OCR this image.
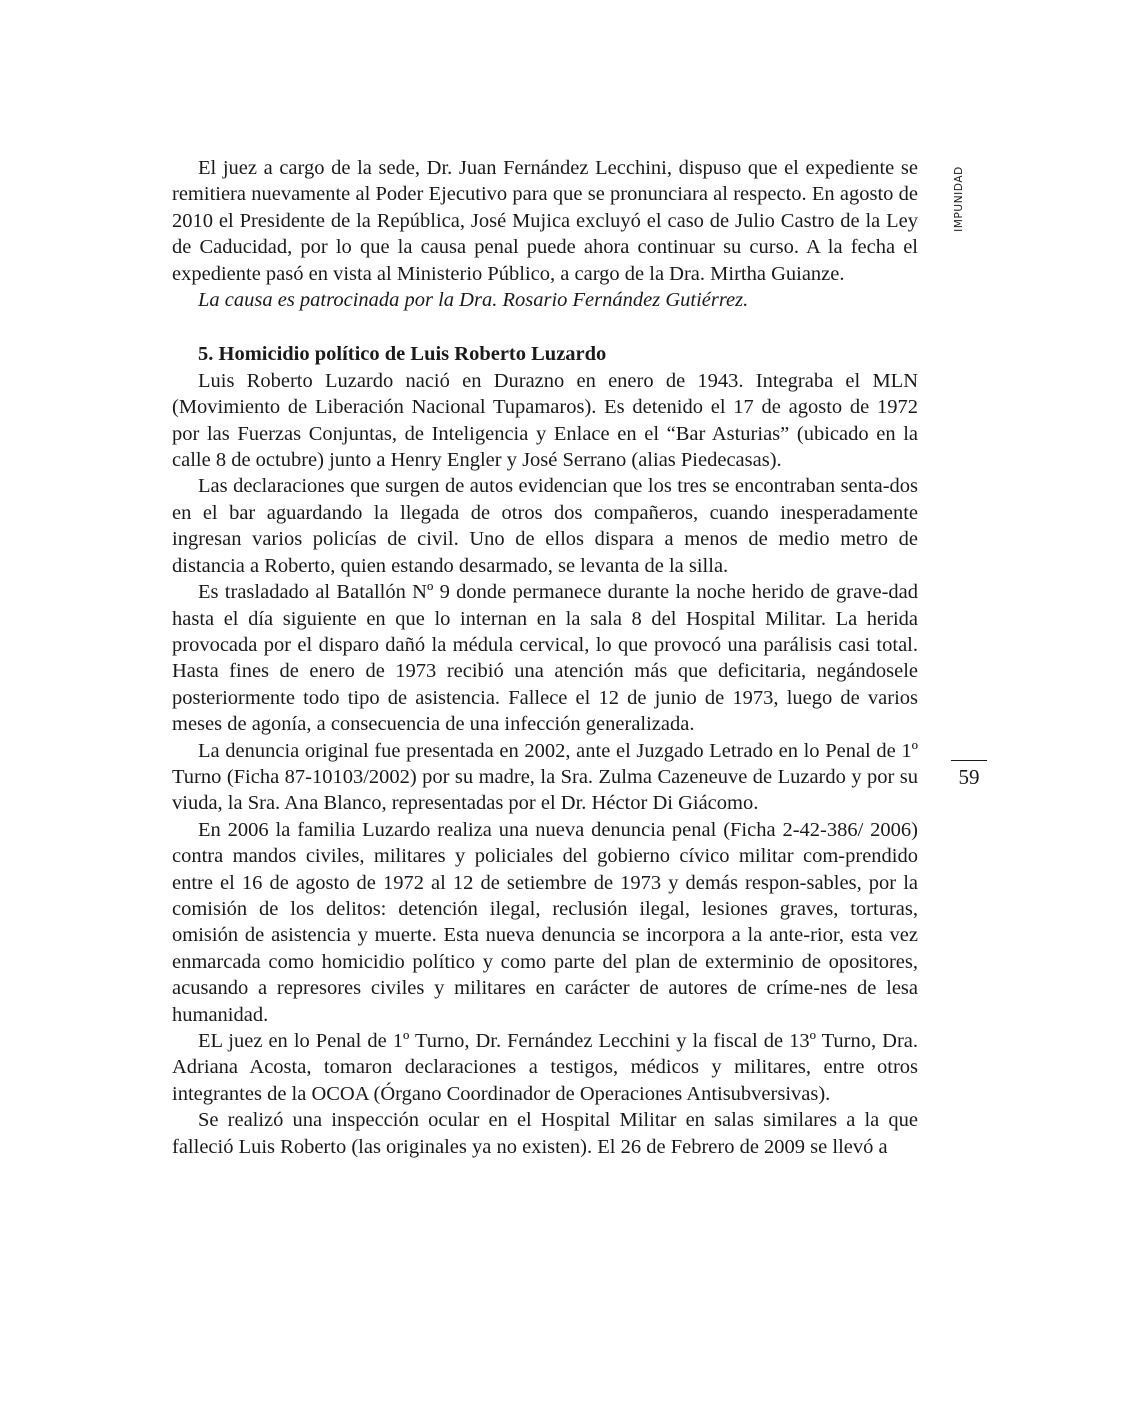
IMPUNIDAD
59

El juez a cargo de la sede, Dr. Juan Fernández Lecchini, dispuso que el expediente se remitiera nuevamente al Poder Ejecutivo para que se pronunciara al respecto. En agosto de 2010 el Presidente de la República, José Mujica excluyó el caso de Julio Castro de la Ley de Caducidad, por lo que la causa penal puede ahora continuar su curso. A la fecha el expediente pasó en vista al Ministerio Público, a cargo de la Dra. Mirtha Guianze.

La causa es patrocinada por la Dra. Rosario Fernández Gutiérrez.

5. Homicidio político de Luis Roberto Luzardo

Luis Roberto Luzardo nació en Durazno en enero de 1943. Integraba el MLN (Movimiento de Liberación Nacional Tupamaros). Es detenido el 17 de agosto de 1972 por las Fuerzas Conjuntas, de Inteligencia y Enlace en el “Bar Asturias” (ubicado en la calle 8 de octubre) junto a Henry Engler y José Serrano (alias Piedecasas).

Las declaraciones que surgen de autos evidencian que los tres se encontraban senta-dos en el bar aguardando la llegada de otros dos compañeros, cuando inesperadamente ingresan varios policías de civil. Uno de ellos dispara a menos de medio metro de distancia a Roberto, quien estando desarmado, se levanta de la silla.

Es trasladado al Batallón Nº 9 donde permanece durante la noche herido de grave-dad hasta el día siguiente en que lo internan en la sala 8 del Hospital Militar. La herida provocada por el disparo dañó la médula cervical, lo que provocó una parálisis casi total. Hasta fines de enero de 1973 recibió una atención más que deficitaria, negándosele posteriormente todo tipo de asistencia. Fallece el 12 de junio de 1973, luego de varios meses de agonía, a consecuencia de una infección generalizada.

La denuncia original fue presentada en 2002, ante el Juzgado Letrado en lo Penal de 1º Turno (Ficha 87-10103/2002) por su madre, la Sra. Zulma Cazeneuve de Luzardo y por su viuda, la Sra. Ana Blanco, representadas por el Dr. Héctor Di Giácomo.

En 2006 la familia Luzardo realiza una nueva denuncia penal (Ficha 2-42-386/ 2006) contra mandos civiles, militares y policiales del gobierno cívico militar com-prendido entre el 16 de agosto de 1972 al 12 de setiembre de 1973 y demás respon-sables, por la comisión de los delitos: detención ilegal, reclusión ilegal, lesiones graves, torturas, omisión de asistencia y muerte. Esta nueva denuncia se incorpora a la ante-rior, esta vez enmarcada como homicidio político y como parte del plan de exterminio de opositores, acusando a represores civiles y militares en carácter de autores de críme-nes de lesa humanidad.

EL juez en lo Penal de 1º Turno, Dr. Fernández Lecchini y la fiscal de 13º Turno, Dra. Adriana Acosta, tomaron declaraciones a testigos, médicos y militares, entre otros integrantes de la OCOA (Órgano Coordinador de Operaciones Antisubversivas).

Se realizó una inspección ocular en el Hospital Militar en salas similares a la que falleció Luis Roberto (las originales ya no existen). El 26 de Febrero de 2009 se llevó a
